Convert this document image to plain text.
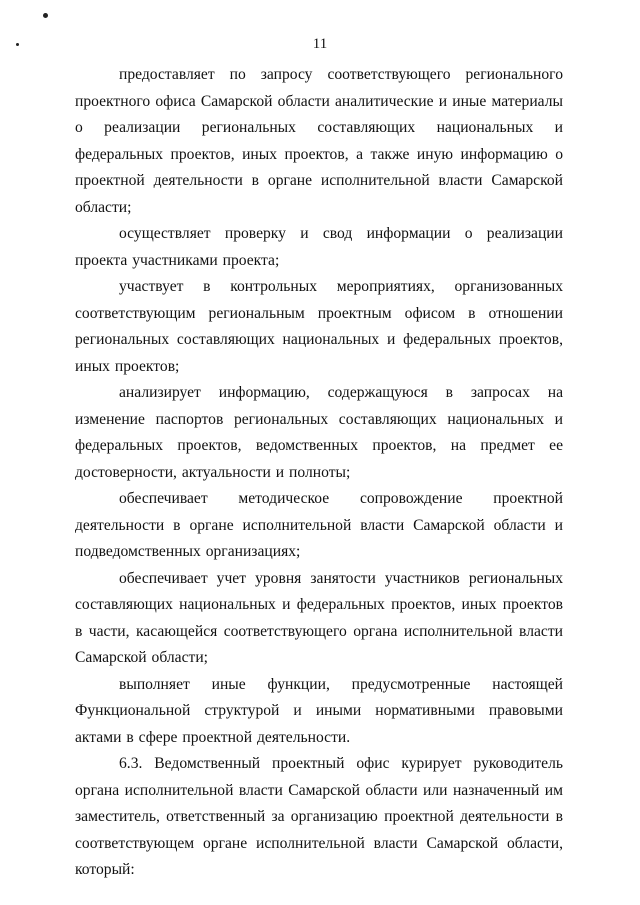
11

предоставляет по запросу соответствующего регионального проектного офиса Самарской области аналитические и иные материалы о реализации региональных составляющих национальных и федеральных проектов, иных проектов, а также иную информацию о проектной деятельности в органе исполнительной власти Самарской области;

осуществляет проверку и свод информации о реализации проекта участниками проекта;

участвует в контрольных мероприятиях, организованных соответствующим региональным проектным офисом в отношении региональных составляющих национальных и федеральных проектов, иных проектов;

анализирует информацию, содержащуюся в запросах на изменение паспортов региональных составляющих национальных и федеральных проектов, ведомственных проектов, на предмет ее достоверности, актуальности и полноты;

обеспечивает методическое сопровождение проектной деятельности в органе исполнительной власти Самарской области и подведомственных организациях;

обеспечивает учет уровня занятости участников региональных составляющих национальных и федеральных проектов, иных проектов в части, касающейся соответствующего органа исполнительной власти Самарской области;

выполняет иные функции, предусмотренные настоящей Функциональной структурой и иными нормативными правовыми актами в сфере проектной деятельности.

6.3. Ведомственный проектный офис курирует руководитель органа исполнительной власти Самарской области или назначенный им заместитель, ответственный за организацию проектной деятельности в соответствующем органе исполнительной власти Самарской области, который:
